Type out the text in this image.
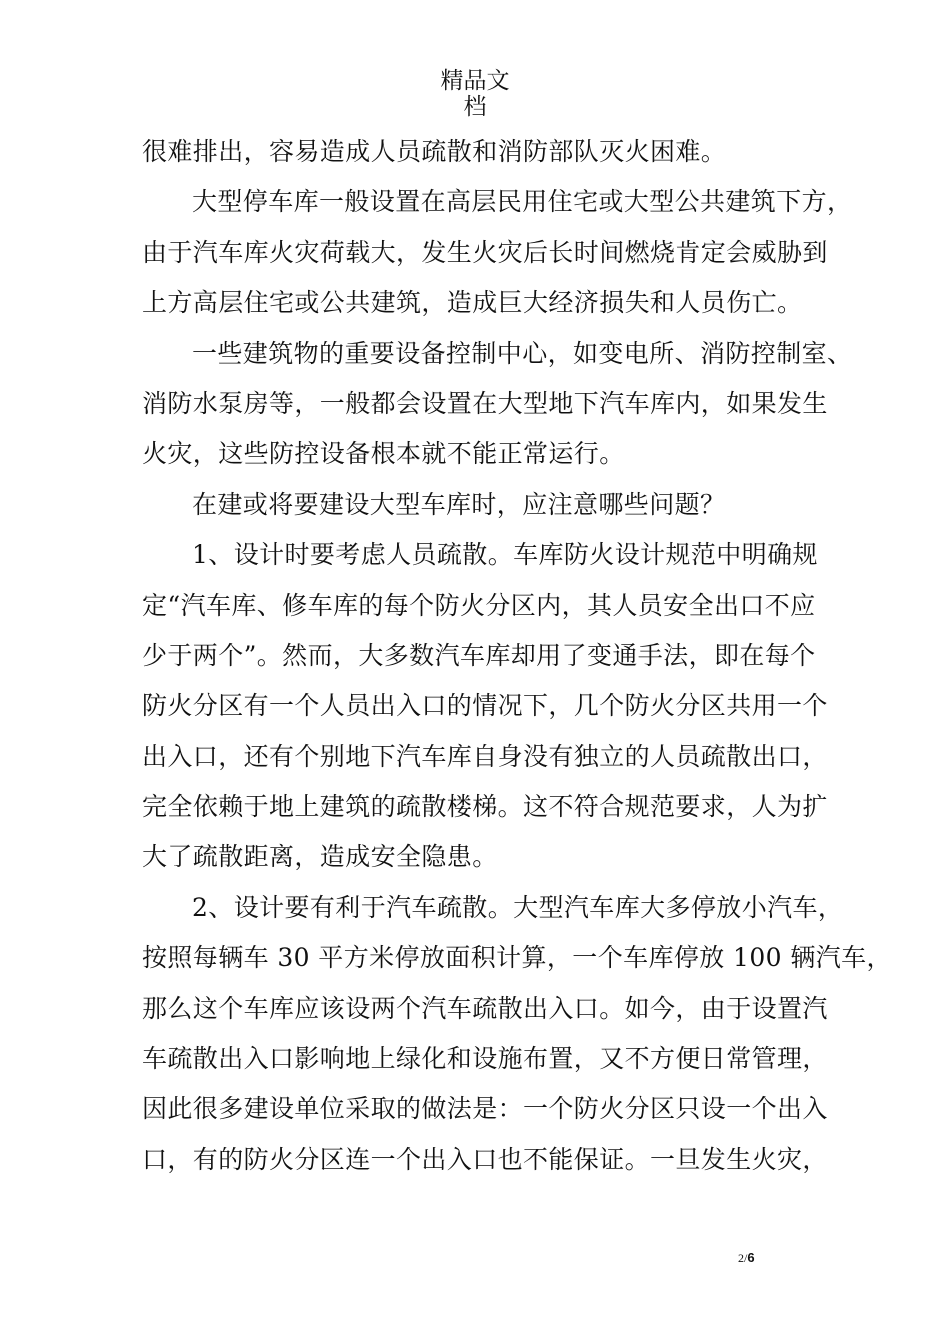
精品文
档
很难排出，容易造成人员疏散和消防部队灭火困难。
大型停车库一般设置在高层民用住宅或大型公共建筑下方，
由于汽车库火灾荷载大，发生火灾后长时间燃烧肯定会威胁到
上方高层住宅或公共建筑，造成巨大经济损失和人员伤亡。
一些建筑物的重要设备控制中心，如变电所、消防控制室、
消防水泵房等，一般都会设置在大型地下汽车库内，如果发生
火灾，这些防控设备根本就不能正常运行。
在建或将要建设大型车库时，应注意哪些问题？
1、设计时要考虑人员疏散。车库防火设计规范中明确规
定“汽车库、修车库的每个防火分区内，其人员安全出口不应
少于两个”。然而，大多数汽车库却用了变通手法，即在每个
防火分区有一个人员出入口的情况下，几个防火分区共用一个
出入口，还有个别地下汽车库自身没有独立的人员疏散出口，
完全依赖于地上建筑的疏散楼梯。这不符合规范要求，人为扩
大了疏散距离，造成安全隐患。
2、设计要有利于汽车疏散。大型汽车库大多停放小汽车，
按照每辆车 30 平方米停放面积计算，一个车库停放 100 辆汽车，
那么这个车库应该设两个汽车疏散出入口。如今，由于设置汽
车疏散出入口影响地上绿化和设施布置，又不方便日常管理，
因此很多建设单位采取的做法是：一个防火分区只设一个出入
口，有的防火分区连一个出入口也不能保证。一旦发生火灾，
2/6
